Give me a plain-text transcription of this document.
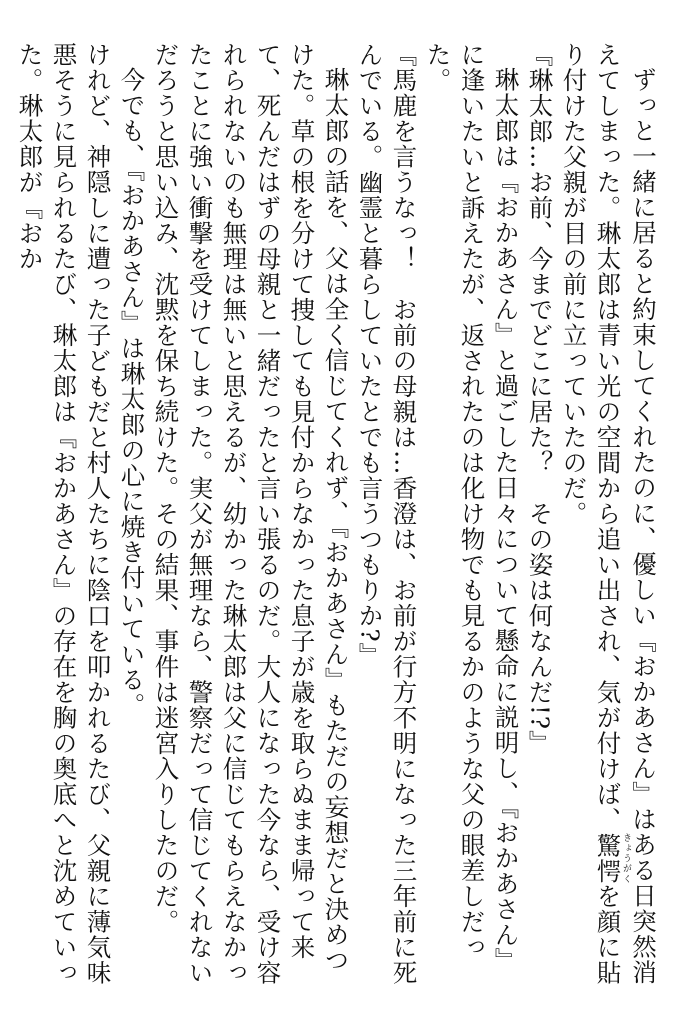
ずっと一緒に居ると約束してくれたのに、優しい『おかあさん』はある日突然消えてしまった。琳太郎は青い光の空間から追い出され、気が付けば、驚愕きょうがくを顔に貼り付けた父親が目の前に立っていたのだ。

『琳太郎…お前、今までどこに居た？　その姿は何なんだ!?』

琳太郎は『おかあさん』と過ごした日々について懸命に説明し、『おかあさん』に逢いたいと訴えたが、返されたのは化け物でも見るかのような父の眼差しだった。

『馬鹿を言うなっ！　お前の母親は…香澄は、お前が行方不明になった三年前に死んでいる。幽霊と暮らしていたとでも言うつもりか?』

琳太郎の話を、父は全く信じてくれず、『おかあさん』もただの妄想だと決めつけた。草の根を分けて捜しても見付からなかった息子が歳を取らぬまま帰って来て、死んだはずの母親と一緒だったと言い張るのだ。大人になった今なら、受け容れられないのも無理は無いと思えるが、幼かった琳太郎は父に信じてもらえなかったことに強い衝撃を受けてしまった。実父が無理なら、警察だって信じてくれないだろうと思い込み、沈黙を保ち続けた。その結果、事件は迷宮入りしたのだ。

今でも、『おかあさん』は琳太郎の心に焼き付いている。

けれど、神隠しに遭った子どもだと村人たちに陰口を叩かれるたび、父親に薄気味悪そうに見られるたび、琳太郎は『おかあさん』の存在を胸の奥底へと沈めていった。琳太郎が『おか
